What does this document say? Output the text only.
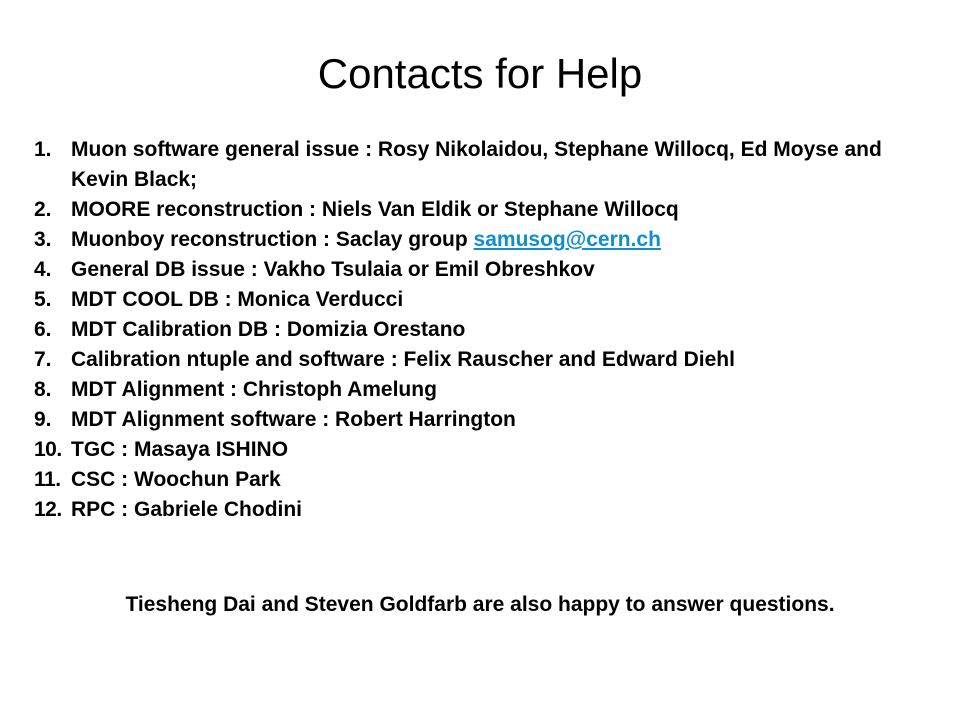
Contacts for Help
1. Muon software general issue : Rosy Nikolaidou, Stephane Willocq, Ed Moyse and Kevin Black;
2. MOORE reconstruction : Niels Van Eldik or Stephane Willocq
3. Muonboy reconstruction : Saclay group samusog@cern.ch
4. General DB issue : Vakho Tsulaia or Emil Obreshkov
5. MDT COOL DB : Monica Verducci
6. MDT Calibration DB : Domizia Orestano
7. Calibration ntuple and software : Felix Rauscher and Edward Diehl
8. MDT Alignment : Christoph Amelung
9. MDT Alignment software : Robert Harrington
10. TGC : Masaya ISHINO
11. CSC : Woochun Park
12. RPC : Gabriele Chodini
Tiesheng Dai and Steven Goldfarb are also happy to answer questions.
